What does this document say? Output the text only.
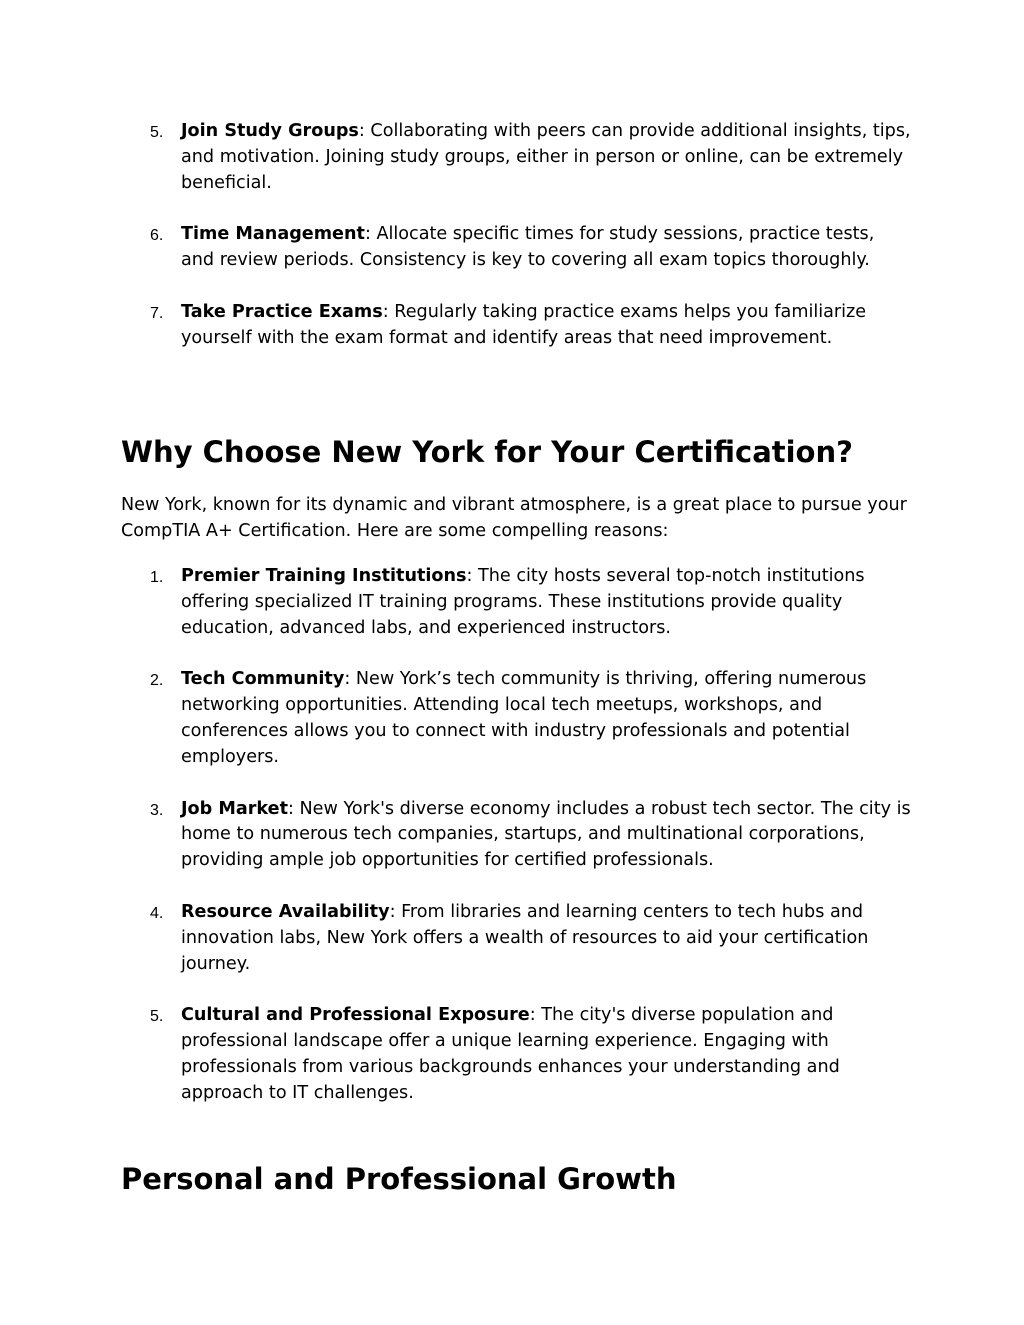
5. Join Study Groups: Collaborating with peers can provide additional insights, tips, and motivation. Joining study groups, either in person or online, can be extremely beneficial.
6. Time Management: Allocate specific times for study sessions, practice tests, and review periods. Consistency is key to covering all exam topics thoroughly.
7. Take Practice Exams: Regularly taking practice exams helps you familiarize yourself with the exam format and identify areas that need improvement.
Why Choose New York for Your Certification?

New York, known for its dynamic and vibrant atmosphere, is a great place to pursue your CompTIA A+ Certification. Here are some compelling reasons:

1. Premier Training Institutions: The city hosts several top-notch institutions offering specialized IT training programs. These institutions provide quality education, advanced labs, and experienced instructors.
2. Tech Community: New York’s tech community is thriving, offering numerous networking opportunities. Attending local tech meetups, workshops, and conferences allows you to connect with industry professionals and potential employers.
3. Job Market: New York's diverse economy includes a robust tech sector. The city is home to numerous tech companies, startups, and multinational corporations, providing ample job opportunities for certified professionals.
4. Resource Availability: From libraries and learning centers to tech hubs and innovation labs, New York offers a wealth of resources to aid your certification journey.
5. Cultural and Professional Exposure: The city's diverse population and professional landscape offer a unique learning experience. Engaging with professionals from various backgrounds enhances your understanding and approach to IT challenges.
Personal and Professional Growth
